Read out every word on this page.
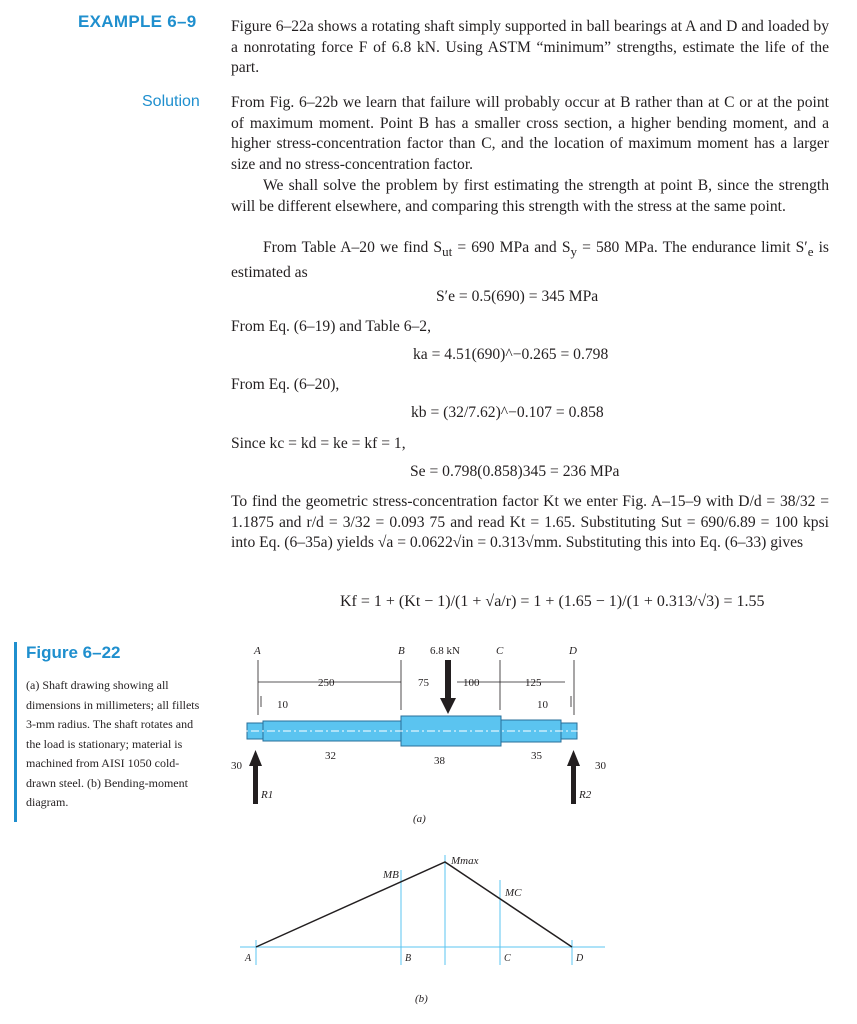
EXAMPLE 6–9 Figure 6–22a shows a rotating shaft simply supported in ball bearings at A and D and loaded by a nonrotating force F of 6.8 kN. Using ASTM “minimum” strengths, estimate the life of the part.
Solution From Fig. 6–22b we learn that failure will probably occur at B rather than at C or at the point of maximum moment. Point B has a smaller cross section, a higher bending moment, and a higher stress-concentration factor than C, and the location of maximum moment has a larger size and no stress-concentration factor.
We shall solve the problem by first estimating the strength at point B, since the strength will be different elsewhere, and comparing this strength with the stress at the same point.
From Table A–20 we find $S_{ut} = 690$ MPa and $S_y = 580$ MPa. The endurance limit $S'_e$ is estimated as
S′e = 0.5(690) = 345 MPa
From Eq. (6–19) and Table 6–2,
ka = 4.51(690)^−0.265 = 0.798
From Eq. (6–20),
kb = (32/7.62)^−0.107 = 0.858
Since kc = kd = ke = kf = 1,
Se = 0.798(0.858)345 = 236 MPa
To find the geometric stress-concentration factor Kt we enter Fig. A–15–9 with D/d = 38/32 = 1.1875 and r/d = 3/32 = 0.093 75 and read Kt = 1.65. Substituting Sut = 690/6.89 = 100 kpsi into Eq. (6–35a) yields √a = 0.0622√in = 0.313√mm. Substituting this into Eq. (6–33) gives
Kf = 1 + (Kt − 1)/(1 + √a/r) = 1 + (1.65 − 1)/(1 + 0.313/√3) = 1.55
Figure 6–22
(a) Shaft drawing showing all dimensions in millimeters; all fillets 3-mm radius. The shaft rotates and the load is stationary; material is machined from AISI 1050 cold-drawn steel. (b) Bending-moment diagram.
A	B	C	D
6.8 kN
250	75	100	125
10	10
32	38	35
30	30
R1	R2
(a)
MB
Mmax
MC
A	B	C	D
(b)
